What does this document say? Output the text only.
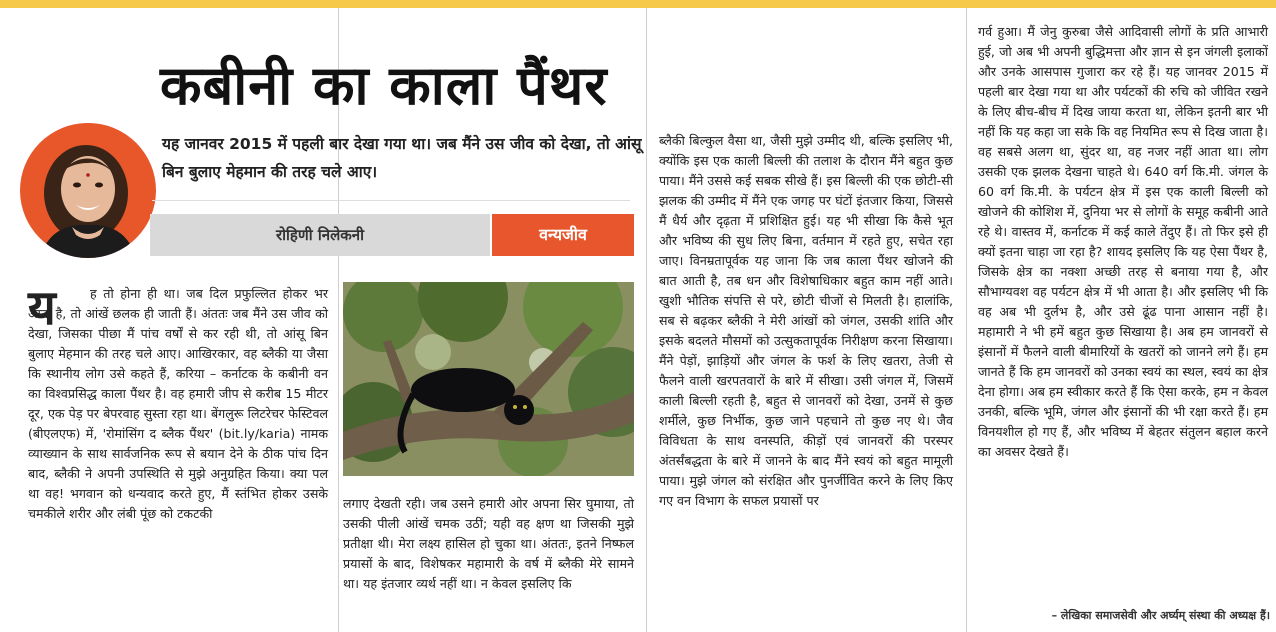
कबीनी का काला पैंथर

यह जानवर 2015 में पहली बार देखा गया था। जब मैंने उस जीव को देखा, तो आंसू बिन बुलाए मेहमान की तरह चले आए।

रोहिणी निलेकनी	वन्यजीव
य	ह तो होना ही था। जब दिल प्रफुल्लित होकर भर आता है, तो आंखें छलक ही जाती हैं। अंततः जब मैंने उस जीव को देखा, जिसका पीछा मैं पांच वर्षों से कर रही थी, तो आंसू बिन बुलाए मेहमान की तरह चले आए। आखिरकार, वह ब्लैकी या जैसा कि स्थानीय लोग उसे कहते हैं, करिया – कर्नाटक के कबीनी वन का विश्वप्रसिद्ध काला पैंथर है। वह हमारी जीप से करीब 15 मीटर दूर, एक पेड़ पर बेपरवाह सुस्ता रहा था। बेंगलुरू लिटरेचर फेस्टिवल (बीएलएफ) में, 'रोमांसिंग द ब्लैक पैंथर' (bit.ly/karia) नामक व्याख्यान के साथ सार्वजनिक रूप से बयान देने के ठीक पांच दिन बाद, ब्लैकी ने अपनी उपस्थिति से मुझे अनुग्रहित किया। क्या पल था वह! भगवान को धन्यवाद करते हुए, मैं स्तंभित होकर उसके चमकीले शरीर और लंबी पूंछ को टकटकी

लगाए देखती रही। जब उसने हमारी ओर अपना सिर घुमाया, तो उसकी पीली आंखें चमक उठीं; यही वह क्षण था जिसकी मुझे प्रतीक्षा थी। मेरा लक्ष्य हासिल हो चुका था। अंततः, इतने निष्फल प्रयासों के बाद, विशेषकर महामारी के वर्ष में ब्लैकी मेरे सामने था। यह इंतजार व्यर्थ नहीं था। न केवल इसलिए कि

ब्लैकी बिल्कुल वैसा था, जैसी मुझे उम्मीद थी, बल्कि इसलिए भी, क्योंकि इस एक काली बिल्ली की तलाश के दौरान मैंने बहुत कुछ पाया। मैंने उससे कई सबक सीखे हैं। इस बिल्ली की एक छोटी-सी झलक की उम्मीद में मैंने एक जगह पर घंटों इंतजार किया, जिससे मैं धैर्य और दृढ़ता में प्रशिक्षित हुई। यह भी सीखा कि कैसे भूत और भविष्य की सुध लिए बिना, वर्तमान में रहते हुए, सचेत रहा जाए। विनम्रतापूर्वक यह जाना कि जब काला पैंथर खोजने की बात आती है, तब धन और विशेषाधिकार बहुत काम नहीं आते। खुशी भौतिक संपत्ति से परे, छोटी चीजों से मिलती है। हालांकि, सब से बढ़कर ब्लैकी ने मेरी आंखों को जंगल, उसकी शांति और इसके बदलते मौसमों को उत्सुकतापूर्वक निरीक्षण करना सिखाया। मैंने पेड़ों, झाड़ियों और जंगल के फर्श के लिए खतरा, तेजी से फैलने वाली खरपतवारों के बारे में सीखा। उसी जंगल में, जिसमें काली बिल्ली रहती है, बहुत से जानवरों को देखा, उनमें से कुछ शर्मीले, कुछ निर्भीक, कुछ जाने पहचाने तो कुछ नए थे। जैव विविधता के साथ वनस्पति, कीड़ों एवं जानवरों की परस्पर अंतर्संबद्धता के बारे में जानने के बाद मैंने स्वयं को बहुत मामूली पाया। मुझे जंगल को संरक्षित और पुनर्जीवित करने के लिए किए गए वन विभाग के सफल प्रयासों पर

गर्व हुआ। मैं जेनु कुरुबा जैसे आदिवासी लोगों के प्रति आभारी हुई, जो अब भी अपनी बुद्धिमत्ता और ज्ञान से इन जंगली इलाकों और उनके आसपास गुजारा कर रहे हैं। यह जानवर 2015 में पहली बार देखा गया था और पर्यटकों की रुचि को जीवित रखने के लिए बीच-बीच में दिख जाया करता था, लेकिन इतनी बार भी नहीं कि यह कहा जा सके कि वह नियमित रूप से दिख जाता है। वह सबसे अलग था, सुंदर था, वह नजर नहीं आता था। लोग उसकी एक झलक देखना चाहते थे। 640 वर्ग कि.मी. जंगल के 60 वर्ग कि.मी. के पर्यटन क्षेत्र में इस एक काली बिल्ली को खोजने की कोशिश में, दुनिया भर से लोगों के समूह कबीनी आते रहे थे। वास्तव में, कर्नाटक में कई काले तेंदुए हैं। तो फिर इसे ही क्यों इतना चाहा जा रहा है? शायद इसलिए कि यह ऐसा पैंथर है, जिसके क्षेत्र का नक्शा अच्छी तरह से बनाया गया है, और सौभाग्यवश वह पर्यटन क्षेत्र में भी आता है। और इसलिए भी कि वह अब भी दुर्लभ है, और उसे ढूंढ पाना आसान नहीं है। महामारी ने भी हमें बहुत कुछ सिखाया है। अब हम जानवरों से इंसानों में फैलने वाली बीमारियों के खतरों को जानने लगे हैं। हम जानते हैं कि हम जानवरों को उनका स्वयं का स्थल, स्वयं का क्षेत्र देना होगा। अब हम स्वीकार करते हैं कि ऐसा करके, हम न केवल उनकी, बल्कि भूमि, जंगल और इंसानों की भी रक्षा करते हैं। हम विनयशील हो गए हैं, और भविष्य में बेहतर संतुलन बहाल करने का अवसर देखते हैं।

– लेखिका समाजसेवी और अर्घ्यम् संस्था की अध्यक्ष हैं।
